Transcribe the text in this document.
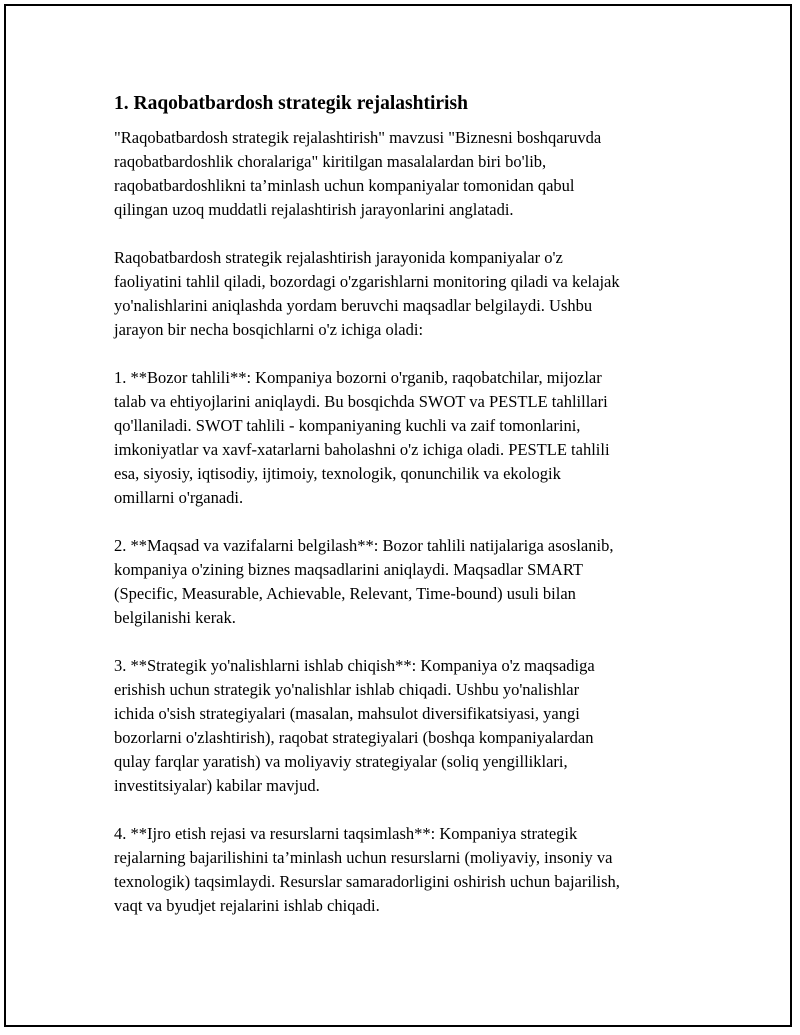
1. Raqobatbardosh strategik rejalashtirish

"Raqobatbardosh strategik rejalashtirish" mavzusi "Biznesni boshqaruvda
raqobatbardoshlik choralariga" kiritilgan masalalardan biri bo'lib,
raqobatbardoshlikni ta’minlash uchun kompaniyalar tomonidan qabul
qilingan uzoq muddatli rejalashtirish jarayonlarini anglatadi.

Raqobatbardosh strategik rejalashtirish jarayonida kompaniyalar o'z
faoliyatini tahlil qiladi, bozordagi o'zgarishlarni monitoring qiladi va kelajak
yo'nalishlarini aniqlashda yordam beruvchi maqsadlar belgilaydi. Ushbu
jarayon bir necha bosqichlarni o'z ichiga oladi:

1. **Bozor tahlili**: Kompaniya bozorni o'rganib, raqobatchilar, mijozlar
talab va ehtiyojlarini aniqlaydi. Bu bosqichda SWOT va PESTLE tahlillari
qo'llaniladi. SWOT tahlili - kompaniyaning kuchli va zaif tomonlarini,
imkoniyatlar va xavf-xatarlarni baholashni o'z ichiga oladi. PESTLE tahlili
esa, siyosiy, iqtisodiy, ijtimoiy, texnologik, qonunchilik va ekologik
omillarni o'rganadi.

2. **Maqsad va vazifalarni belgilash**: Bozor tahlili natijalariga asoslanib,
kompaniya o'zining biznes maqsadlarini aniqlaydi. Maqsadlar SMART
(Specific, Measurable, Achievable, Relevant, Time-bound) usuli bilan
belgilanishi kerak.

3. **Strategik yo'nalishlarni ishlab chiqish**: Kompaniya o'z maqsadiga
erishish uchun strategik yo'nalishlar ishlab chiqadi. Ushbu yo'nalishlar
ichida o'sish strategiyalari (masalan, mahsulot diversifikatsiyasi, yangi
bozorlarni o'zlashtirish), raqobat strategiyalari (boshqa kompaniyalardan
qulay farqlar yaratish) va moliyaviy strategiyalar (soliq yengilliklari,
investitsiyalar) kabilar mavjud.

4. **Ijro etish rejasi va resurslarni taqsimlash**: Kompaniya strategik
rejalarning bajarilishini ta’minlash uchun resurslarni (moliyaviy, insoniy va
texnologik) taqsimlaydi. Resurslar samaradorligini oshirish uchun bajarilish,
vaqt va byudjet rejalarini ishlab chiqadi.
